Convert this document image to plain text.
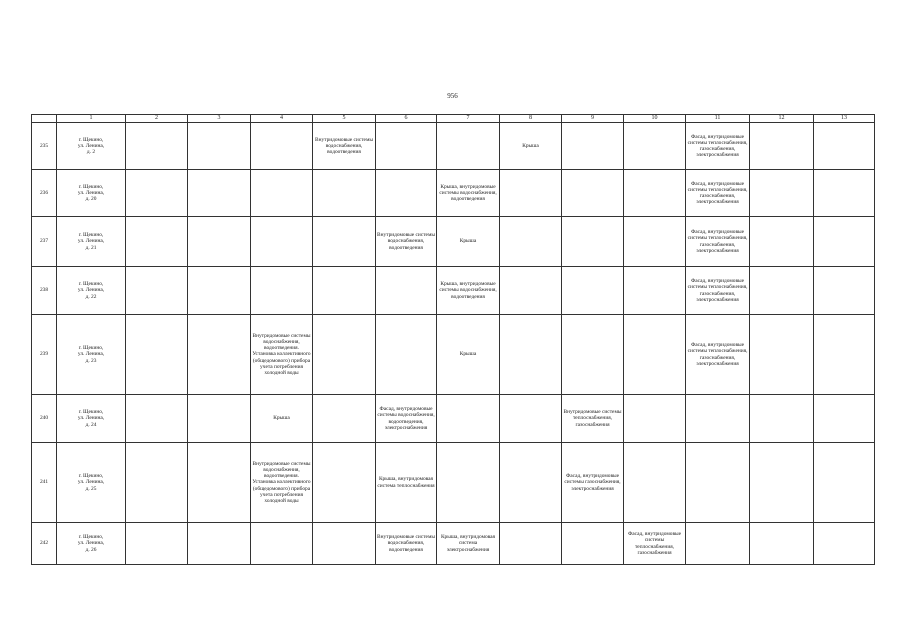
956
	1	2	3	4	5	6	7	8	9	10	11	12	13
235	г. Щекино,
ул. Ленина,
д. 2				Внутридомовые системы водоснабжения, водоотведения			Крыша			Фасад, внутридомовые системы теплоснабжения, газоснабжения, электроснабжения		
236	г. Щекино,
ул. Ленина,
д. 20						Крыша, внутридомовые системы водоснабжения, водоотведения				Фасад, внутридомовые системы теплоснабжения, газоснабжения, электроснабжения		
237	г. Щекино,
ул. Ленина,
д. 21					Внутридомовые системы водоснабжения, водоотведения	Крыша				Фасад, внутридомовые системы теплоснабжения, газоснабжения, электроснабжения		
238	г. Щекино,
ул. Ленина,
д. 22						Крыша, внутридомовые системы водоснабжения, водоотведения				Фасад, внутридомовые системы теплоснабжения, газоснабжения, электроснабжения		
239	г. Щекино,
ул. Ленина,
д. 23			Внутридомовые системы водоснабжения, водоотведения. Установка коллективного (общедомового) прибора учета потребления холодной воды			Крыша				Фасад, внутридомовые системы теплоснабжения, газоснабжения, электроснабжения		
240	г. Щекино,
ул. Ленина,
д. 24			Крыша		Фасад, внутридомовые системы водоснабжения, водоотведения, электроснабжения			Внутридомовые системы теплоснабжения, газоснабжения				
241	г. Щекино,
ул. Ленина,
д. 25			Внутридомовые системы водоснабжения, водоотведения. Установка коллективного (общедомового) прибора учета потребления холодной воды		Крыша, внутридомовая система теплоснабжения			Фасад, внутридомовые системы газоснабжения, электроснабжения				
242	г. Щекино,
ул. Ленина,
д. 26					Внутридомовые системы водоснабжения, водоотведения	Крыша, внутридомовая система электроснабжения			Фасад, внутридомовые системы теплоснабжения, газоснабжения			
